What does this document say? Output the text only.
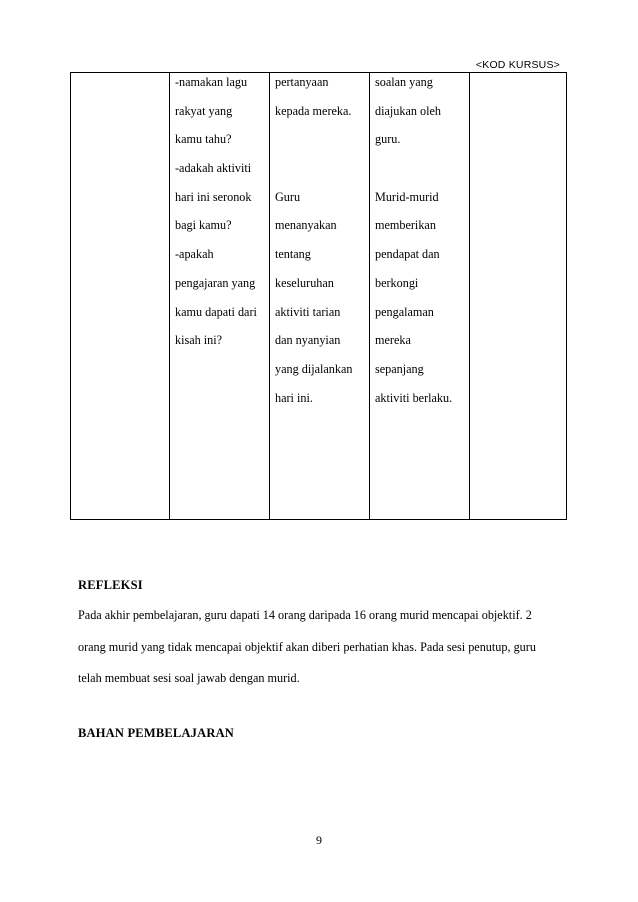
<KOD KURSUS>
-namakan lagu
rakyat yang
kamu tahu?
-adakah aktiviti
hari ini seronok
bagi kamu?
-apakah
pengajaran yang
kamu dapati dari
kisah ini?
pertanyaan
kepada mereka.
Guru
menanyakan
tentang
keseluruhan
aktiviti tarian
dan nyanyian
yang dijalankan
hari ini.
soalan yang
diajukan oleh
guru.
Murid-murid
memberikan
pendapat dan
berkongi
pengalaman
mereka
sepanjang
aktiviti berlaku.
REFLEKSI
Pada akhir pembelajaran, guru dapati 14 orang daripada 16 orang murid mencapai objektif. 2
orang murid yang tidak mencapai objektif akan diberi perhatian khas. Pada sesi penutup, guru
telah membuat sesi soal jawab dengan murid.
BAHAN PEMBELAJARAN
9
